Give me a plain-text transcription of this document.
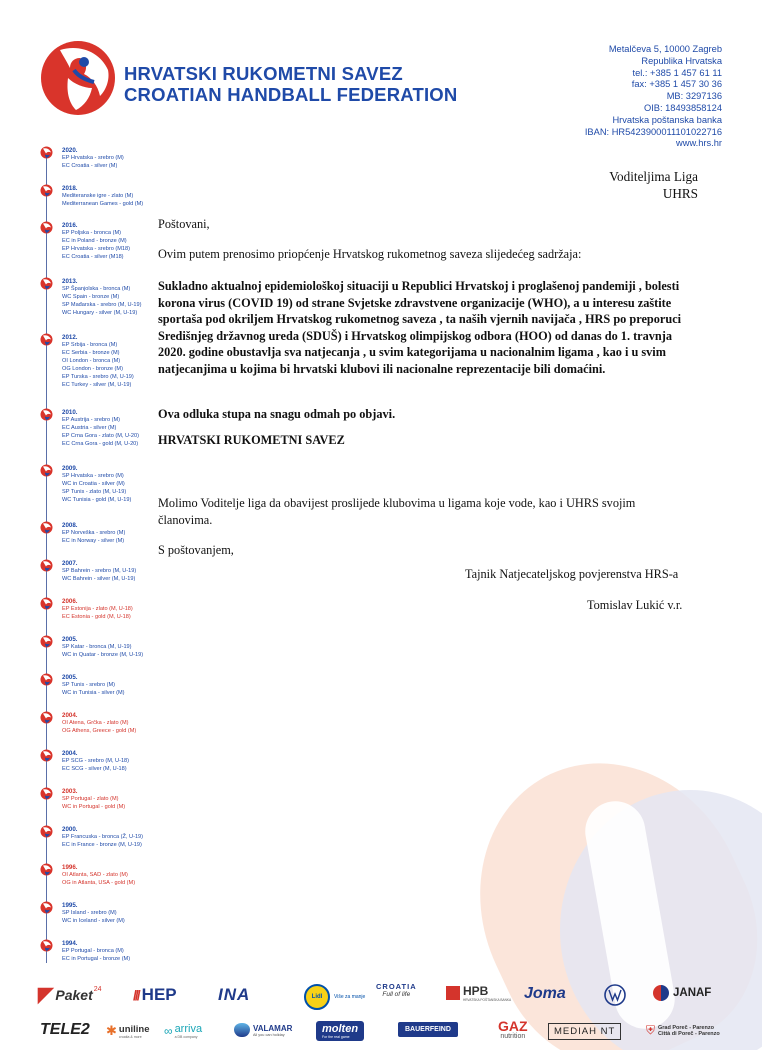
HRVATSKI RUKOMETNI SAVEZ
CROATIAN HANDBALL FEDERATION
Metalčeva 5, 10000 Zagreb
Republika Hrvatska
tel.: +385 1 457 61 11
fax: +385 1 457 30 36
MB: 3297136
OIB: 18493858124
Hrvatska poštanska banka
IBAN: HR5423900011101022716
www.hrs.hr
2020.
EP Hrvatska - srebro (M)
EC Croatia - silver (M)
2018.
Mediteranske igre - zlato (M)
Mediterranean Games - gold (M)
2016.
EP Poljska - bronca (M)
EC in Poland - bronze (M)
EP Hrvatska - srebro (M18)
EC Croatia - silver (M18)
2013.
SP Španjolska - bronca (M)
WC Spain - bronze (M)
SP Mađarska - srebro (M, U-19)
WC Hungary - silver (M, U-19)
2012.
EP Srbija - bronca (M)
EC Serbia - bronze (M)
OI London - bronca (M)
OG London - bronze (M)
EP Turska - srebro (M, U-19)
EC Turkey - silver (M, U-19)
2010.
EP Austrija - srebro (M)
EC Austria - silver (M)
EP Crna Gora - zlato (M, U-20)
EC Crna Gora - gold (M, U-20)
2009.
SP Hrvatska - srebro (M)
WC in Croatia - silver (M)
SP Tunis - zlato (M, U-19)
WC Tunisia - gold (M, U-19)
2008.
EP Norveška - srebro (M)
EC in Norway - silver (M)
2007.
SP Bahrein - srebro (M, U-19)
WC Bahrein - silver (M, U-19)
2006.
EP Estonija - zlato (M, U-18)
EC Estonia - gold (M, U-18)
2005.
SP Katar - bronca (M, U-19)
WC in Quatar - bronze (M, U-19)
2005.
SP Tunis - srebro (M)
WC in Tunisia - silver (M)
2004.
OI Atena, Grčka - zlato (M)
OG Athens, Greece - gold (M)
2004.
EP SCG - srebro (M, U-18)
EC SCG - silver (M, U-18)
2003.
SP Portugal - zlato (M)
WC in Portugal - gold (M)
2000.
EP Francuska - bronca (Ž, U-19)
EC in France - bronze (M, U-19)
1996.
OI Atlanta, SAD - zlato (M)
OG in Atlanta, USA - gold (M)
1995.
SP Island - srebro (M)
WC in Iceland - silver (M)
1994.
EP Portugal - bronca (M)
EC in Portugal - bronze (M)
Voditeljima Liga
UHRS
Poštovani,
Ovim putem prenosimo priopćenje Hrvatskog rukometnog saveza slijedećeg sadržaja:
Sukladno aktualnoj epidemiološkoj situaciji u Republici Hrvatskoj i proglašenoj pandemiji , bolesti korona virus (COVID 19) od strane Svjetske zdravstvene organizacije (WHO), a u interesu zaštite sportaša pod okriljem Hrvatskog rukometnog saveza , ta naših vjernih navijača , HRS po preporuci Središnjeg državnog ureda (SDUŠ) i Hrvatskog olimpijskog odbora (HOO) od danas do 1. travnja 2020. godine obustavlja sva natjecanja , u svim kategorijama u nacionalnim ligama , kao i u svim natjecanjima u kojima bi hrvatski klubovi ili nacionalne reprezentacije bili domaćini.
Ova odluka stupa na snagu odmah po objavi.
HRVATSKI RUKOMETNI SAVEZ
Molimo Voditelje liga da obavijest proslijede klubovima u ligama koje vode, kao i UHRS svojim članovima.
S poštovanjem,
Tajnik Natjecateljskog povjerenstva HRS-a
Tomislav Lukić v.r.
◤ Paket 24 /// HEP INA	Lidl	Više za manje
CROATIA
Full of life	HPB
HRVATSKA POŠTANSKA BANKA Joma	JANAF
TELE2 ✱ uniline
croatia & more	∞ arriva
a DB company
VALAMAR
All you can holiday	molten
For the real game
BAUERFEIND	GAZ
nutrition	MEDIAH NT	⛨ Grad Poreč - Parenzo
Città di Poreč - Parenzo
